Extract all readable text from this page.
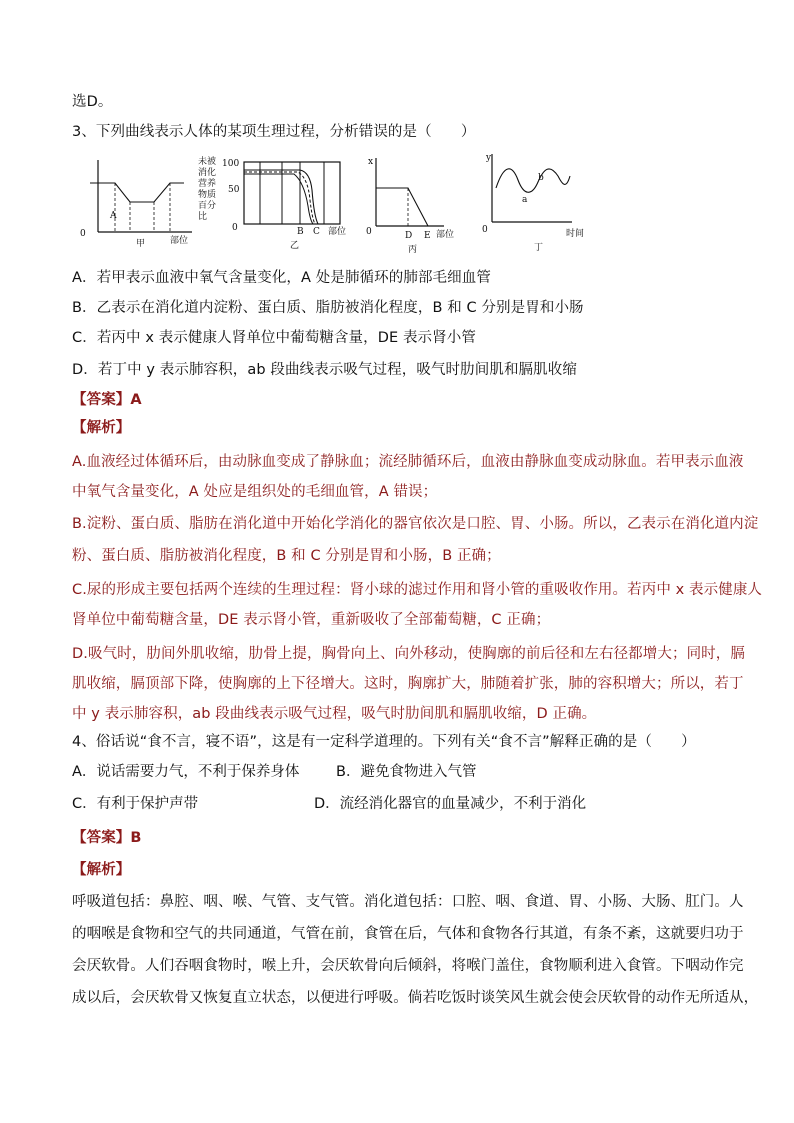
选D。
3、下列曲线表示人体的某项生理过程，分析错误的是（　　）
0
A
甲	部位
未被
消化
营养
物质
百分
比
100
50
0	B C 部位
乙
x
0	D E 部位
丙
y
0
a
b
时间
丁
A．若甲表示血液中氧气含量变化，A 处是肺循环的肺部毛细血管
B．乙表示在消化道内淀粉、蛋白质、脂肪被消化程度，B 和 C 分别是胃和小肠
C．若丙中 x 表示健康人肾单位中葡萄糖含量，DE 表示肾小管
D．若丁中 y 表示肺容积，ab 段曲线表示吸气过程，吸气时肋间肌和膈肌收缩
【答案】A
【解析】
A.血液经过体循环后，由动脉血变成了静脉血；流经肺循环后，血液由静脉血变成动脉血。若甲表示血液
中氧气含量变化，A 处应是组织处的毛细血管，A 错误；
B.淀粉、蛋白质、脂肪在消化道中开始化学消化的器官依次是口腔、胃、小肠。所以，乙表示在消化道内淀
粉、蛋白质、脂肪被消化程度，B 和 C 分别是胃和小肠，B 正确；
C.尿的形成主要包括两个连续的生理过程：肾小球的滤过作用和肾小管的重吸收作用。若丙中 x 表示健康人
肾单位中葡萄糖含量，DE 表示肾小管，重新吸收了全部葡萄糖，C 正确；
D.吸气时，肋间外肌收缩，肋骨上提，胸骨向上、向外移动，使胸廓的前后径和左右径都增大；同时，膈
肌收缩，膈顶部下降，使胸廓的上下径增大。这时，胸廓扩大，肺随着扩张，肺的容积增大；所以，若丁
中 y 表示肺容积，ab 段曲线表示吸气过程，吸气时肋间肌和膈肌收缩，D 正确。
4、俗话说“食不言，寝不语”，这是有一定科学道理的。下列有关“食不言”解释正确的是（　　）
A．说话需要力气，不利于保养身体	B．避免食物进入气管
C．有利于保护声带	D．流经消化器官的血量减少，不利于消化
【答案】B
【解析】
呼吸道包括：鼻腔、咽、喉、气管、支气管。消化道包括：口腔、咽、食道、胃、小肠、大肠、肛门。人
的咽喉是食物和空气的共同通道，气管在前，食管在后，气体和食物各行其道，有条不紊，这就要归功于
会厌软骨。人们吞咽食物时，喉上升，会厌软骨向后倾斜，将喉门盖住，食物顺利进入食管。下咽动作完
成以后，会厌软骨又恢复直立状态，以便进行呼吸。倘若吃饭时谈笑风生就会使会厌软骨的动作无所适从，
